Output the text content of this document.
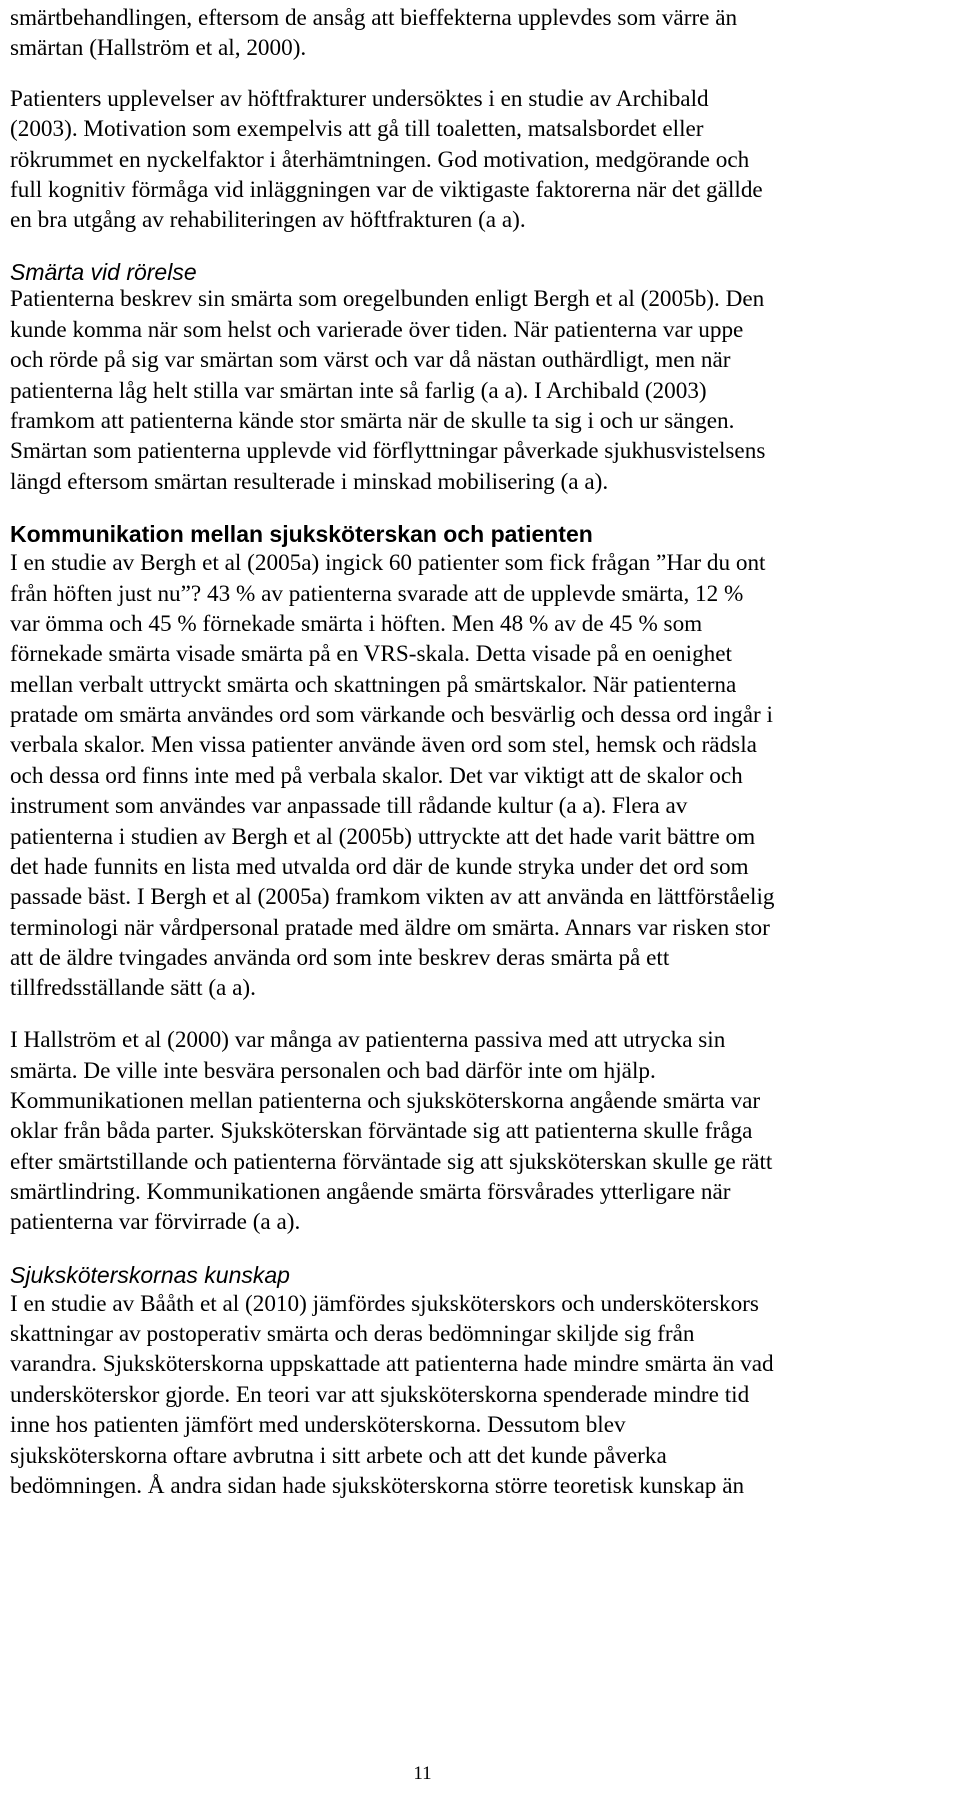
smärtbehandlingen, eftersom de ansåg att bieffekterna upplevdes som värre än
smärtan (Hallström et al, 2000).
Patienters upplevelser av höftfrakturer undersöktes i en studie av Archibald
(2003). Motivation som exempelvis att gå till toaletten, matsalsbordet eller
rökrummet en nyckelfaktor i återhämtningen. God motivation, medgörande och
full kognitiv förmåga vid inläggningen var de viktigaste faktorerna när det gällde
en bra utgång av rehabiliteringen av höftfrakturen (a a).
Smärta vid rörelse
Patienterna beskrev sin smärta som oregelbunden enligt Bergh et al (2005b). Den
kunde komma när som helst och varierade över tiden. När patienterna var uppe
och rörde på sig var smärtan som värst och var då nästan outhärdligt, men när
patienterna låg helt stilla var smärtan inte så farlig (a a). I Archibald (2003)
framkom att patienterna kände stor smärta när de skulle ta sig i och ur sängen.
Smärtan som patienterna upplevde vid förflyttningar påverkade sjukhusvistelsens
längd eftersom smärtan resulterade i minskad mobilisering (a a).
Kommunikation mellan sjuksköterskan och patienten
I en studie av Bergh et al (2005a) ingick 60 patienter som fick frågan ”Har du ont
från höften just nu”? 43 % av patienterna svarade att de upplevde smärta, 12 %
var ömma och 45 % förnekade smärta i höften. Men 48 % av de 45 % som
förnekade smärta visade smärta på en VRS-skala. Detta visade på en oenighet
mellan verbalt uttryckt smärta och skattningen på smärtskalor. När patienterna
pratade om smärta användes ord som värkande och besvärlig och dessa ord ingår i
verbala skalor. Men vissa patienter använde även ord som stel, hemsk och rädsla
och dessa ord finns inte med på verbala skalor. Det var viktigt att de skalor och
instrument som användes var anpassade till rådande kultur (a a). Flera av
patienterna i studien av Bergh et al (2005b) uttryckte att det hade varit bättre om
det hade funnits en lista med utvalda ord där de kunde stryka under det ord som
passade bäst. I Bergh et al (2005a) framkom vikten av att använda en lättförståelig
terminologi när vårdpersonal pratade med äldre om smärta. Annars var risken stor
att de äldre tvingades använda ord som inte beskrev deras smärta på ett
tillfredsställande sätt (a a).
I Hallström et al (2000) var många av patienterna passiva med att utrycka sin
smärta. De ville inte besvära personalen och bad därför inte om hjälp.
Kommunikationen mellan patienterna och sjuksköterskorna angående smärta var
oklar från båda parter. Sjuksköterskan förväntade sig att patienterna skulle fråga
efter smärtstillande och patienterna förväntade sig att sjuksköterskan skulle ge rätt
smärtlindring. Kommunikationen angående smärta försvårades ytterligare när
patienterna var förvirrade (a a).
Sjuksköterskornas kunskap
I en studie av Bååth et al (2010) jämfördes sjuksköterskors och undersköterskors
skattningar av postoperativ smärta och deras bedömningar skiljde sig från
varandra. Sjuksköterskorna uppskattade att patienterna hade mindre smärta än vad
undersköterskor gjorde. En teori var att sjuksköterskorna spenderade mindre tid
inne hos patienten jämfört med undersköterskorna. Dessutom blev
sjuksköterskorna oftare avbrutna i sitt arbete och att det kunde påverka
bedömningen. Å andra sidan hade sjuksköterskorna större teoretisk kunskap än
11
